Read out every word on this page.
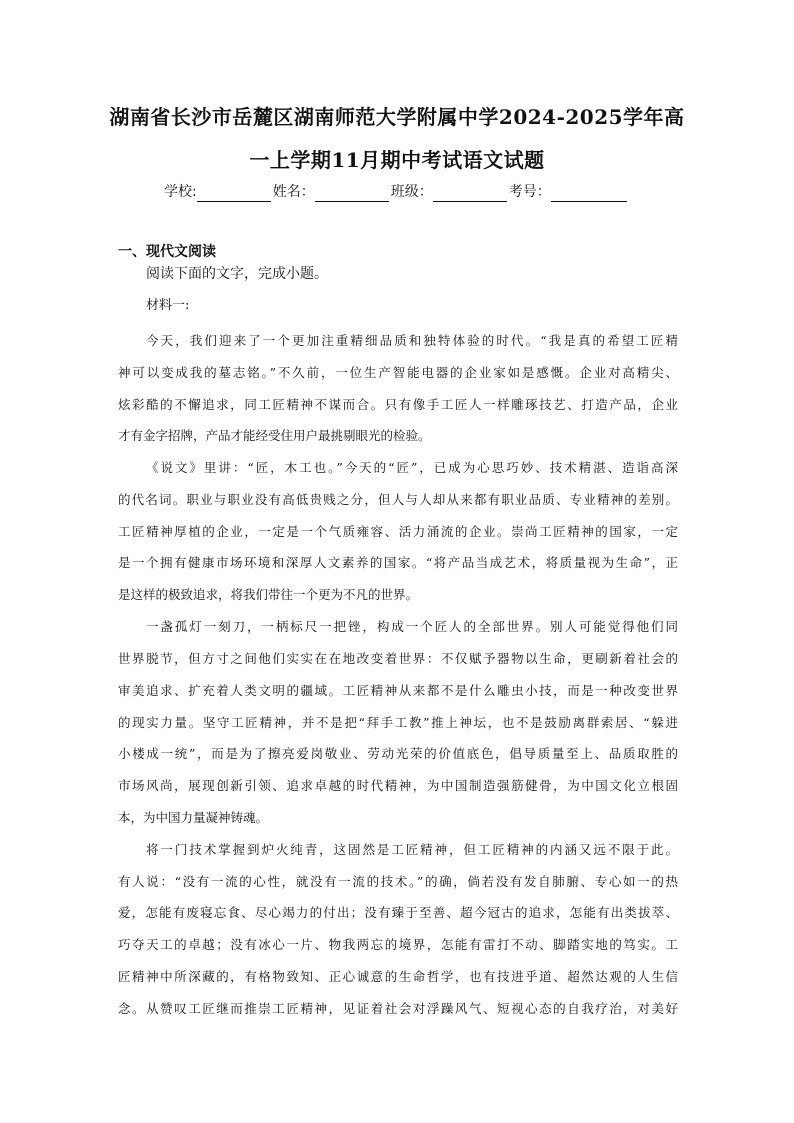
湖南省长沙市岳麓区湖南师范大学附属中学2024-2025学年高
一上学期11月期中考试语文试题
学校:	姓名：	班级：	考号：
一、现代文阅读
阅读下面的文字，完成小题。
材料一:
今天，我们迎来了一个更加注重精细品质和独特体验的时代。“我是真的希望工匠精
神可以变成我的墓志铭。”不久前，一位生产智能电器的企业家如是感慨。企业对高精尖、
炫彩酷的不懈追求，同工匠精神不谋而合。只有像手工匠人一样雕琢技艺、打造产品，企业
才有金字招牌，产品才能经受住用户最挑剔眼光的检验。
《说文》里讲：“匠，木工也。”今天的“匠”，已成为心思巧妙、技术精湛、造诣高深
的代名词。职业与职业没有高低贵贱之分，但人与人却从来都有职业品质、专业精神的差别。
工匠精神厚植的企业，一定是一个气质雍容、活力涌流的企业。崇尚工匠精神的国家，一定
是一个拥有健康市场环境和深厚人文素养的国家。“将产品当成艺术，将质量视为生命”，正
是这样的极致追求，将我们带往一个更为不凡的世界。
一盏孤灯一刻刀，一柄标尺一把锉，构成一个匠人的全部世界。别人可能觉得他们同
世界脱节，但方寸之间他们实实在在地改变着世界：不仅赋予器物以生命，更刷新着社会的
审美追求、扩充着人类文明的疆域。工匠精神从来都不是什么雕虫小技，而是一种改变世界
的现实力量。坚守工匠精神，并不是把“拜手工教”推上神坛，也不是鼓励离群索居、“躲进
小楼成一统”，而是为了擦亮爱岗敬业、劳动光荣的价值底色，倡导质量至上、品质取胜的
市场风尚，展现创新引领、追求卓越的时代精神，为中国制造强筋健骨，为中国文化立根固
本，为中国力量凝神铸魂。
将一门技术掌握到炉火纯青，这固然是工匠精神，但工匠精神的内涵又远不限于此。
有人说：“没有一流的心性，就没有一流的技术。”的确，倘若没有发自肺腑、专心如一的热
爱，怎能有废寝忘食、尽心竭力的付出；没有臻于至善、超今冠古的追求，怎能有出类拔萃、
巧夺天工的卓越；没有冰心一片、物我两忘的境界，怎能有雷打不动、脚踏实地的笃实。工
匠精神中所深藏的，有格物致知、正心诚意的生命哲学，也有技进乎道、超然达观的人生信
念。从赞叹工匠继而推崇工匠精神，见证着社会对浮躁风气、短视心态的自我疗治，对美好
